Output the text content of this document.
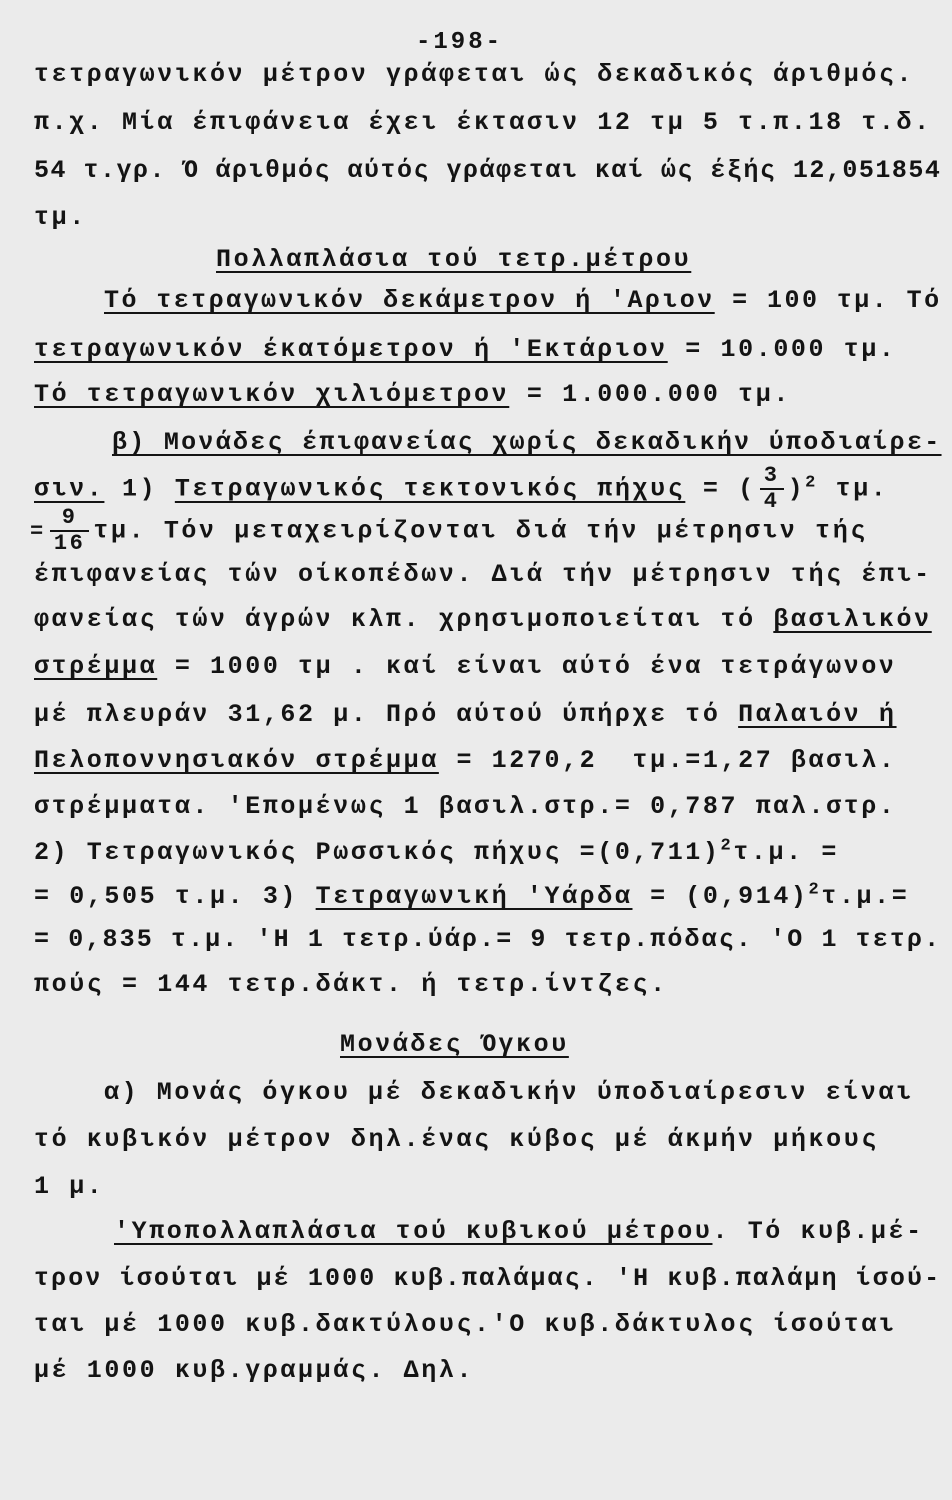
-198-
τετραγωνικόν μέτρον γράφεται ώς δεκαδικός άριθμός.
π.χ. Μία έπιφάνεια έχει έκτασιν 12 τμ 5 τ.π.18 τ.δ.
54 τ.γρ. Ό άριθμός αύτός γράφεται καί ώς έξής 12,051854
τμ.
Πολλαπλάσια τού τετρ.μέτρου
Τό τετραγωνικόν δεκάμετρον ή 'Αριον = 100 τμ. Τό
τετραγωνικόν έκατόμετρον ή 'Εκτάριον = 10.000 τμ.
Τό τετραγωνικόν χιλιόμετρον = 1.000.000 τμ.
β) Μονάδες έπιφανείας χωρίς δεκαδικήν ύποδιαίρε-
σιν. 1) Τετραγωνικός τεκτονικός πήχυς = ( $\frac{3}{4} )^2$ τμ.
= $\frac{9}{16} \tau\mu$. Τόν μεταχειρίζονται διά τήν μέτρησιν τής
έπιφανείας τών οίκοπέδων. Διά τήν μέτρησιν τής έπι-
φανείας τών άγρών κλπ. χρησιμοποιείται τό βασιλικόν
στρέμμα = 1000 τμ . καί είναι αύτό ένα τετράγωνον
μέ πλευράν 31,62 μ. Πρό αύτού ύπήρχε τό Παλαιόν ή
Πελοποννησιακόν στρέμμα = 1270,2  τμ.=1,27 βασιλ.
στρέμματα. 'Επομένως 1 βασιλ.στρ.= 0,787 παλ.στρ.
2) Τετραγωνικός Ρωσσικός $\pi ή\chi\upsilon\varsigma =(0,711)^2\tau.\mu$. =
= 0,505 τ.μ. 3) Τετραγωνική '$\Upsilon ά\rho\delta\alpha = (0,914)^2\tau.\mu.=$
= 0,835 τ.μ. 'Η 1 τετρ.ύάρ.= 9 τετρ.πόδας. 'Ο 1 τετρ.
πούς = 144 τετρ.δάκτ. ή τετρ.ίντζες.
Μονάδες Όγκου
α) Μονάς όγκου μέ δεκαδικήν ύποδιαίρεσιν είναι
τό κυβικόν μέτρον δηλ.ένας κύβος μέ άκμήν μήκους
1 μ.
'Υποπολλαπλάσια τού κυβικού μέτρου. Τό κυβ.μέ-
τρον ίσούται μέ 1000 κυβ.παλάμας. 'Η κυβ.παλάμη ίσού-
ται μέ 1000 κυβ.δακτύλους.'Ο κυβ.δάκτυλος ίσούται
μέ 1000 κυβ.γραμμάς. Δηλ.
